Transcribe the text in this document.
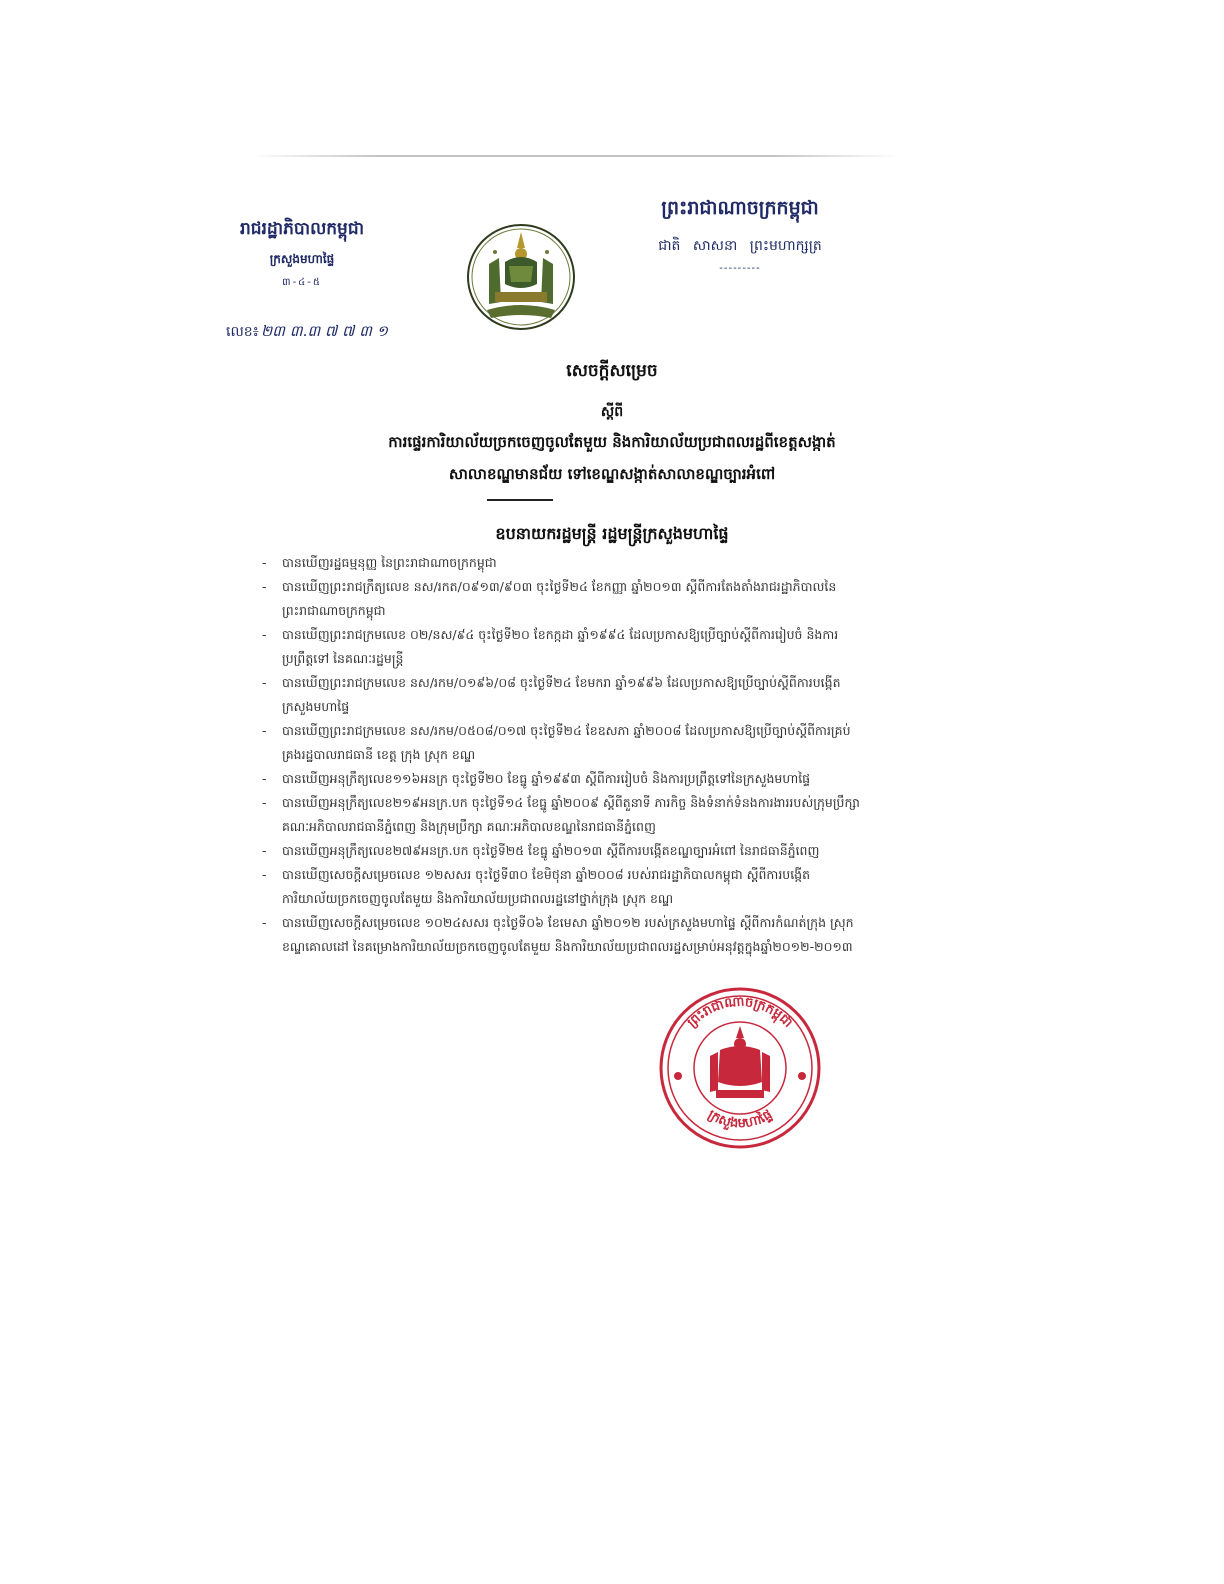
រាជរដ្ឋាភិបាលកម្ពុជា
ក្រសួងមហាផ្ទៃ
៣-៤-៥
ព្រះរាជាណាចក្រកម្ពុជា
ជាតិ សាសនា ព្រះមហាក្សត្រ
---------
លេខ៖ ២៣ ៣.៣ ៧ ៧ ៣ ១
សេចក្តីសម្រេច
ស្តីពី
ការផ្ទេរការិយាល័យច្រកចេញចូលតែមួយ និងការិយាល័យប្រជាពលរដ្ឋពីខេត្តសង្កាត់
សាលាខណ្ឌមានជ័យ ទៅខេណ្ឌសង្កាត់សាលាខណ្ឌច្បារអំពៅ
ឧបនាយករដ្ឋមន្ត្រី រដ្ឋមន្ត្រីក្រសួងមហាផ្ទៃ
- បានឃើញរដ្ឋធម្មនុញ្ញ នៃព្រះរាជាណាចក្រកម្ពុជា
- បានឃើញព្រះរាជក្រឹត្យលេខ នស/រកត/០៩១៣/៩០៣ ចុះថ្ងៃទី២៤ ខែកញ្ញា ឆ្នាំ២០១៣ ស្តីពីការតែងតាំងរាជរដ្ឋាភិបាលនៃព្រះរាជាណាចក្រកម្ពុជា
- បានឃើញព្រះរាជក្រមលេខ ០២/នស/៩៤ ចុះថ្ងៃទី២០ ខែកក្កដា ឆ្នាំ១៩៩៤ ដែលប្រកាសឱ្យប្រើច្បាប់ស្តីពីការរៀបចំ និងការប្រព្រឹត្តទៅ នៃគណៈរដ្ឋមន្ត្រី
- បានឃើញព្រះរាជក្រមលេខ នស/រកម/០១៩៦/០៨ ចុះថ្ងៃទី២៤ ខែមករា ឆ្នាំ១៩៩៦ ដែលប្រកាសឱ្យប្រើច្បាប់ស្តីពីការបង្កើតក្រសួងមហាផ្ទៃ
- បានឃើញព្រះរាជក្រមលេខ នស/រកម/០៥០៨/០១៧ ចុះថ្ងៃទី២៤ ខែឧសភា ឆ្នាំ២០០៨ ដែលប្រកាសឱ្យប្រើច្បាប់ស្តីពីការគ្រប់គ្រងរដ្ឋបាលរាជធានី ខេត្ត ក្រុង ស្រុក ខណ្ឌ
- បានឃើញអនុក្រឹត្យលេខ១១៦អនក្រ ចុះថ្ងៃទី២០ ខែធ្នូ ឆ្នាំ១៩៩៣ ស្តីពីការរៀបចំ និងការប្រព្រឹត្តទៅនៃក្រសួងមហាផ្ទៃ
- បានឃើញអនុក្រឹត្យលេខ២១៩អនក្រ.បក ចុះថ្ងៃទី១៤ ខែធ្នូ ឆ្នាំ២០០៩ ស្តីពីតួនាទី ភារកិច្ច និងទំនាក់ទំនងការងាររបស់ក្រុមប្រឹក្សា គណៈអភិបាលរាជធានីភ្នំពេញ និងក្រុមប្រឹក្សា គណៈអភិបាលខណ្ឌនៃរាជធានីភ្នំពេញ
- បានឃើញអនុក្រឹត្យលេខ២៧៩អនក្រ.បក ចុះថ្ងៃទី២៥ ខែធ្នូ ឆ្នាំ២០១៣ ស្តីពីការបង្កើតខណ្ឌច្បារអំពៅ នៃរាជធានីភ្នំពេញ
- បានឃើញសេចក្តីសម្រេចលេខ ១២សសរ ចុះថ្ងៃទី៣០ ខែមិថុនា ឆ្នាំ២០០៨ របស់រាជរដ្ឋាភិបាលកម្ពុជា ស្តីពីការបង្កើតការិយាល័យច្រកចេញចូលតែមួយ និងការិយាល័យប្រជាពលរដ្ឋនៅថ្នាក់ក្រុង ស្រុក ខណ្ឌ
- បានឃើញសេចក្តីសម្រេចលេខ ១០២៤សសរ ចុះថ្ងៃទី០៦ ខែមេសា ឆ្នាំ២០១២ របស់ក្រសួងមហាផ្ទៃ ស្តីពីការកំណត់ក្រុង ស្រុក ខណ្ឌគោលដៅ នៃគម្រោងការិយាល័យច្រកចេញចូលតែមួយ និងការិយាល័យប្រជាពលរដ្ឋសម្រាប់អនុវត្តក្នុងឆ្នាំ២០១២-២០១៣
ព្រះរាជាណាចក្រកម្ពុជា
ក្រសួងមហាផ្ទៃ
